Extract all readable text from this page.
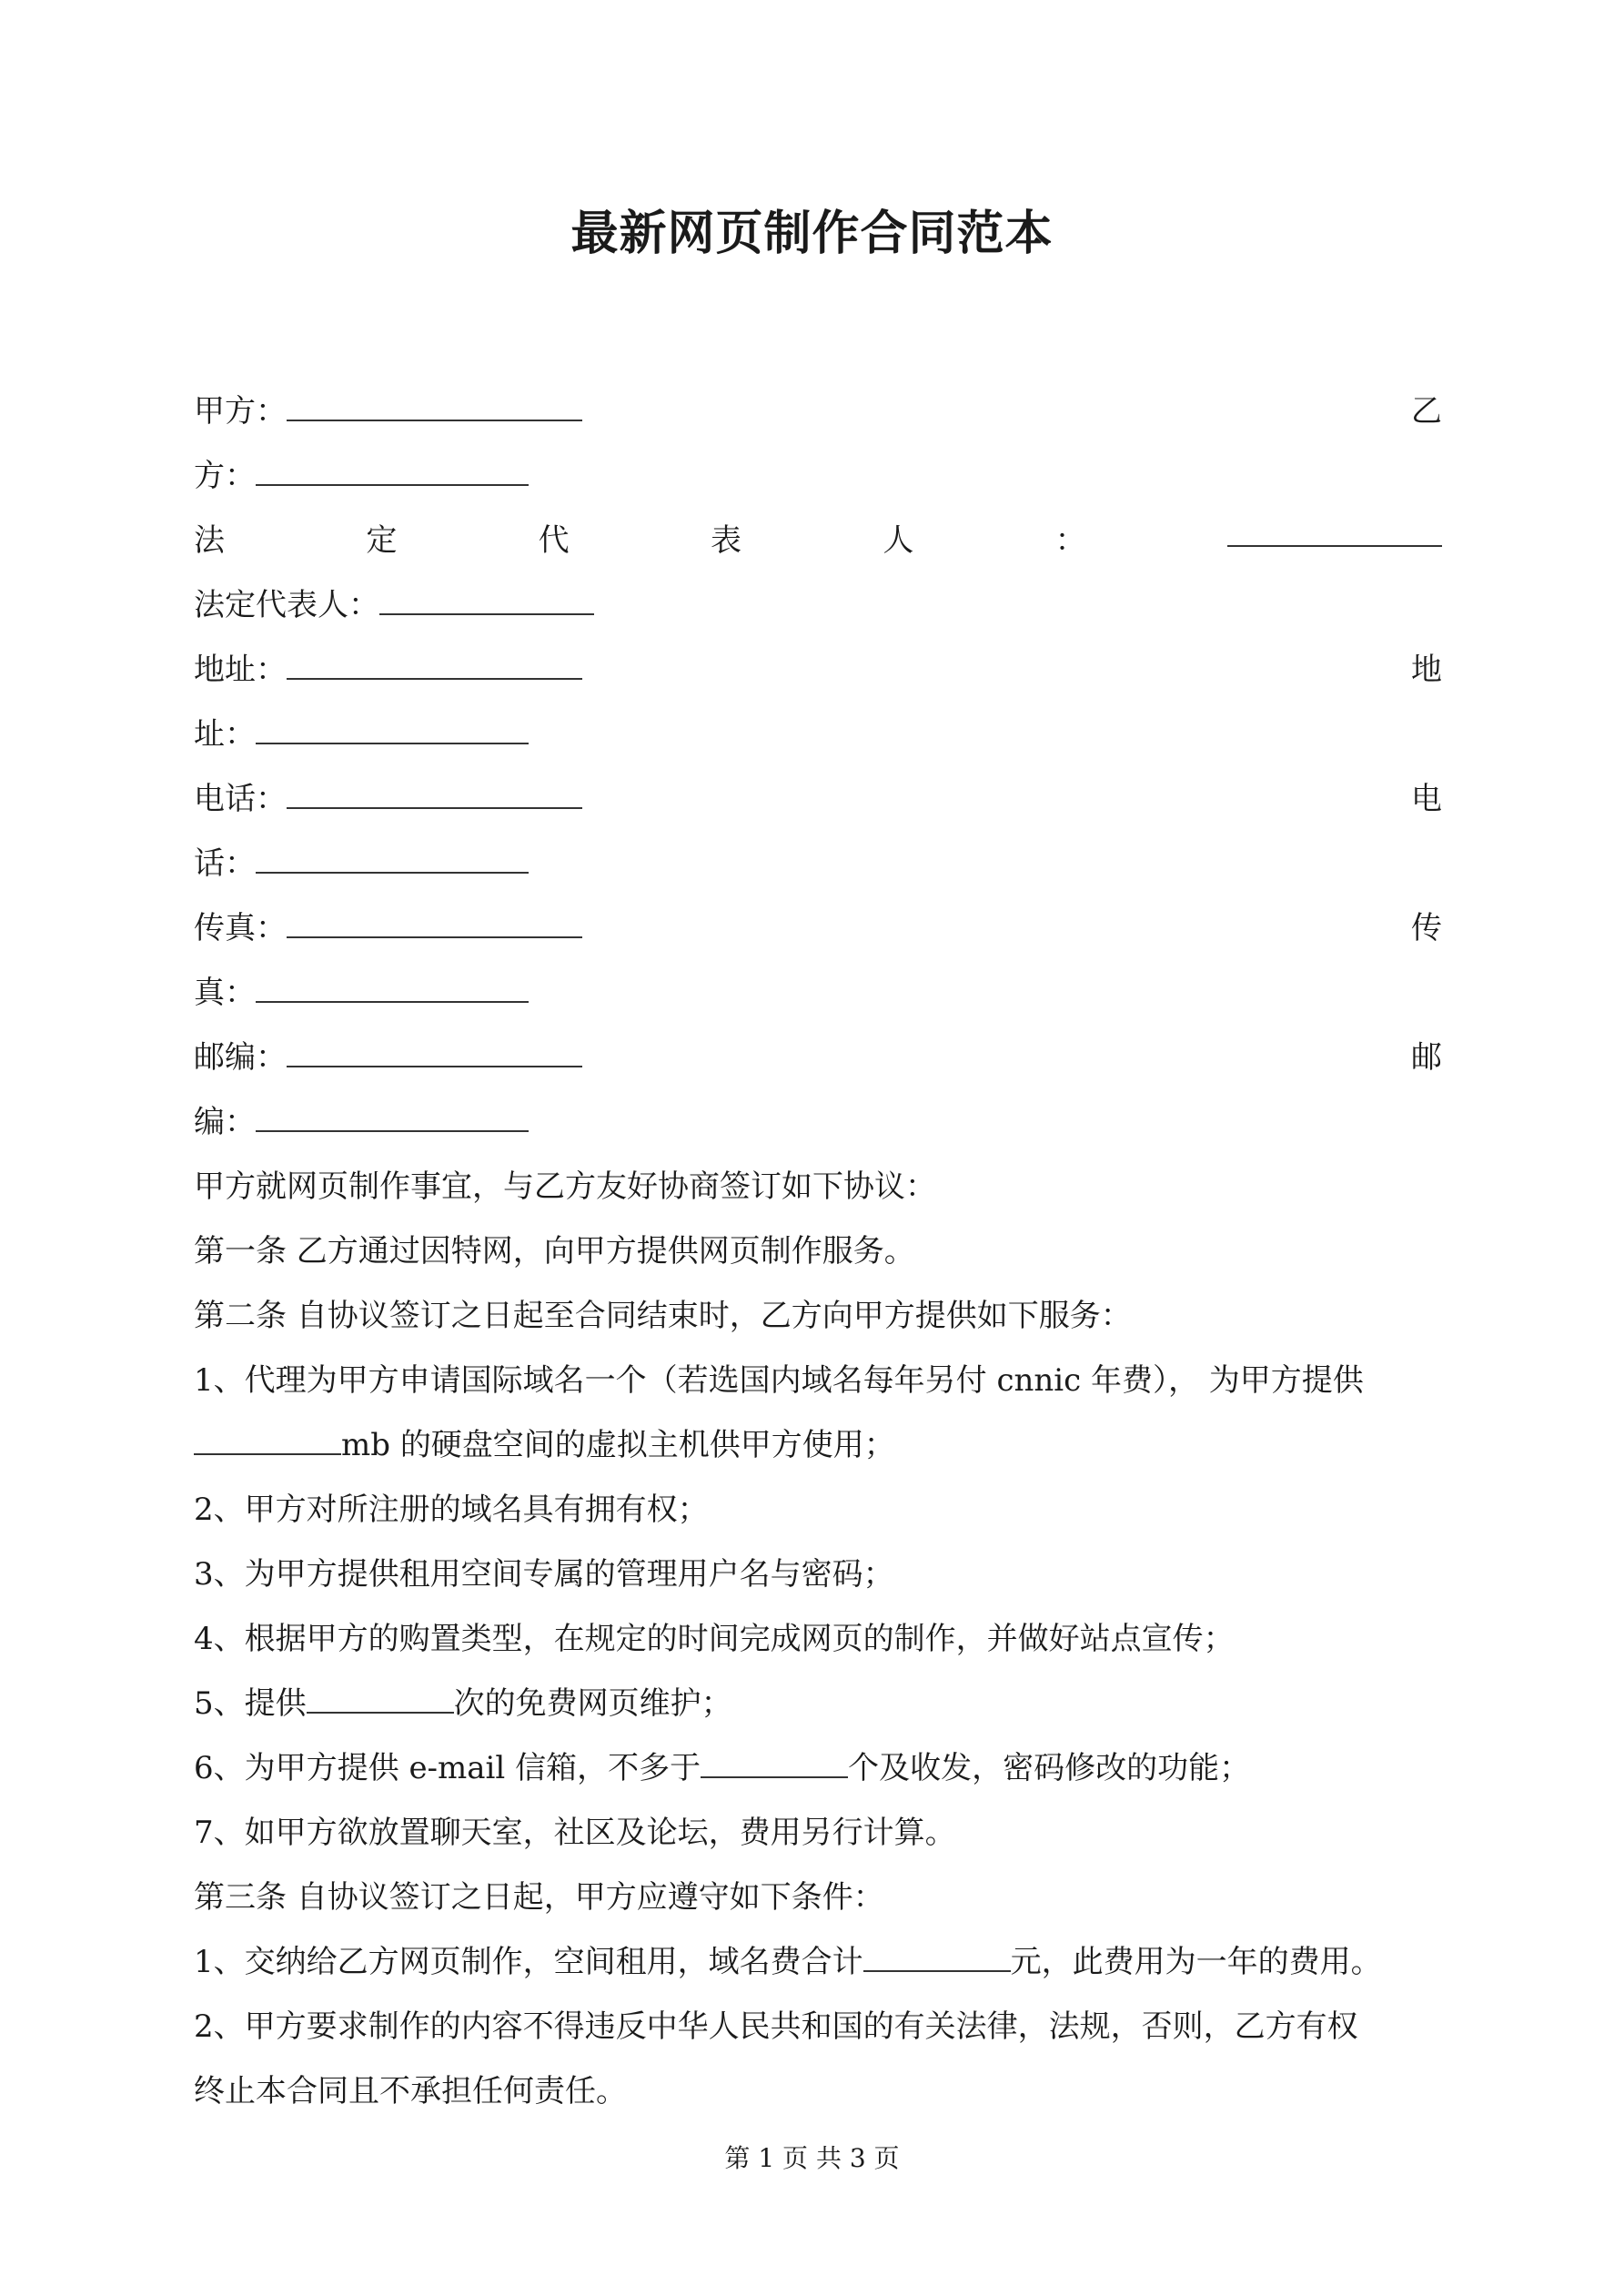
最新网页制作合同范本
甲方：	乙
方：
法	定	代	表	人	：
法定代表人：
地址：	地
址：
电话：	电
话：
传真：	传
真：
邮编：	邮
编：
甲方就网页制作事宜，与乙方友好协商签订如下协议：
第一条 乙方通过因特网，向甲方提供网页制作服务。
第二条 自协议签订之日起至合同结束时，乙方向甲方提供如下服务：
1、代理为甲方申请国际域名一个（若选国内域名每年另付 cnnic 年费）， 为甲方提供
mb 的硬盘空间的虚拟主机供甲方使用；
2、甲方对所注册的域名具有拥有权；
3、为甲方提供租用空间专属的管理用户名与密码；
4、根据甲方的购置类型，在规定的时间完成网页的制作，并做好站点宣传；
5、提供	次的免费网页维护；
6、为甲方提供 e-mail 信箱，不多于	个及收发，密码修改的功能；
7、如甲方欲放置聊天室，社区及论坛，费用另行计算。
第三条 自协议签订之日起，甲方应遵守如下条件：
1、交纳给乙方网页制作，空间租用，域名费合计	元，此费用为一年的费用。
2、甲方要求制作的内容不得违反中华人民共和国的有关法律，法规，否则，乙方有权
终止本合同且不承担任何责任。
第 1 页 共 3 页
